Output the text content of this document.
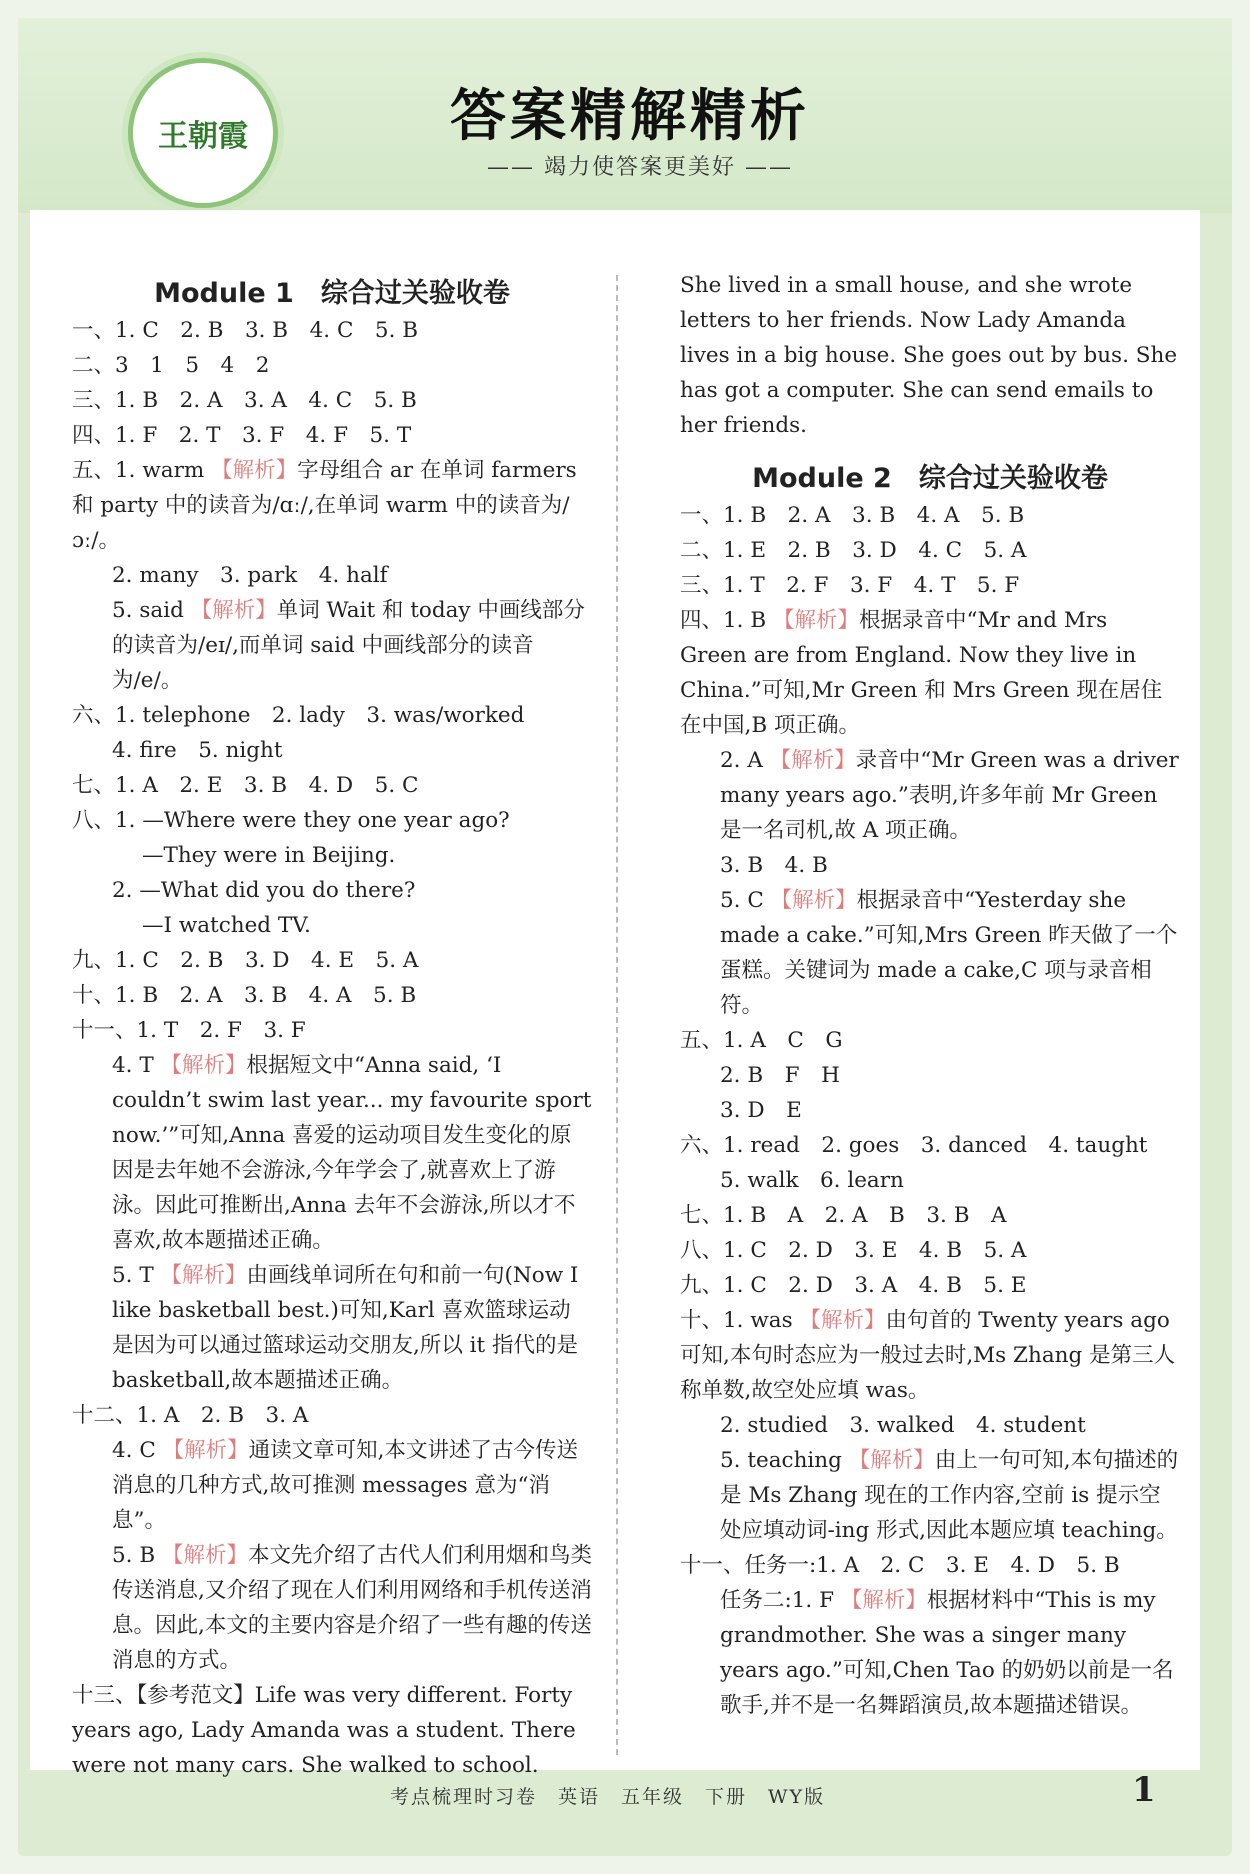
王朝霞	答案精解精析
—— 竭力使答案更美好 ——
Module 1　综合过关验收卷
一、1. C　2. B　3. B　4. C　5. B
二、3　1　5　4　2
三、1. B　2. A　3. A　4. C　5. B
四、1. F　2. T　3. F　4. F　5. T
五、1. warm 【解析】字母组合 ar 在单词 farmers 和 party 中的读音为/ɑː/,在单词 warm 中的读音为/ɔː/。
2. many　3. park　4. half
5. said 【解析】单词 Wait 和 today 中画线部分的读音为/eɪ/,而单词 said 中画线部分的读音为/e/。
六、1. telephone　2. lady　3. was/worked
4. fire　5. night
七、1. A　2. E　3. B　4. D　5. C
八、1. —Where were they one year ago?
—They were in Beijing.
2. —What did you do there?
—I watched TV.
九、1. C　2. B　3. D　4. E　5. A
十、1. B　2. A　3. B　4. A　5. B
十一、1. T　2. F　3. F
4. T 【解析】根据短文中“Anna said, ‘I couldn’t swim last year... my favourite sport now.’”可知,Anna 喜爱的运动项目发生变化的原因是去年她不会游泳,今年学会了,就喜欢上了游泳。因此可推断出,Anna 去年不会游泳,所以才不喜欢,故本题描述正确。
5. T 【解析】由画线单词所在句和前一句(Now I like basketball best.)可知,Karl 喜欢篮球运动是因为可以通过篮球运动交朋友,所以 it 指代的是 basketball,故本题描述正确。
十二、1. A　2. B　3. A
4. C 【解析】通读文章可知,本文讲述了古今传送消息的几种方式,故可推测 messages 意为“消息”。
5. B 【解析】本文先介绍了古代人们利用烟和鸟类传送消息,又介绍了现在人们利用网络和手机传送消息。因此,本文的主要内容是介绍了一些有趣的传送消息的方式。
十三、【参考范文】Life was very different. Forty years ago, Lady Amanda was a student. There were not many cars. She walked to school.
She lived in a small house, and she wrote letters to her friends. Now Lady Amanda lives in a big house. She goes out by bus. She has got a computer. She can send emails to her friends.
Module 2　综合过关验收卷
一、1. B　2. A　3. B　4. A　5. B
二、1. E　2. B　3. D　4. C　5. A
三、1. T　2. F　3. F　4. T　5. F
四、1. B 【解析】根据录音中“Mr and Mrs Green are from England. Now they live in China.”可知,Mr Green 和 Mrs Green 现在居住在中国,B 项正确。
2. A 【解析】录音中“Mr Green was a driver many years ago.”表明,许多年前 Mr Green 是一名司机,故 A 项正确。
3. B　4. B
5. C 【解析】根据录音中“Yesterday she made a cake.”可知,Mrs Green 昨天做了一个蛋糕。关键词为 made a cake,C 项与录音相符。
五、1. A　C　G
2. B　F　H
3. D　E
六、1. read　2. goes　3. danced　4. taught
5. walk　6. learn
七、1. B　A　2. A　B　3. B　A
八、1. C　2. D　3. E　4. B　5. A
九、1. C　2. D　3. A　4. B　5. E
十、1. was 【解析】由句首的 Twenty years ago 可知,本句时态应为一般过去时,Ms Zhang 是第三人称单数,故空处应填 was。
2. studied　3. walked　4. student
5. teaching 【解析】由上一句可知,本句描述的是 Ms Zhang 现在的工作内容,空前 is 提示空处应填动词-ing 形式,因此本题应填 teaching。
十一、任务一:1. A　2. C　3. E　4. D　5. B
任务二:1. F 【解析】根据材料中“This is my grandmother. She was a singer many years ago.”可知,Chen Tao 的奶奶以前是一名歌手,并不是一名舞蹈演员,故本题描述错误。
考点梳理时习卷　英语　五年级　下册　WY版	1
